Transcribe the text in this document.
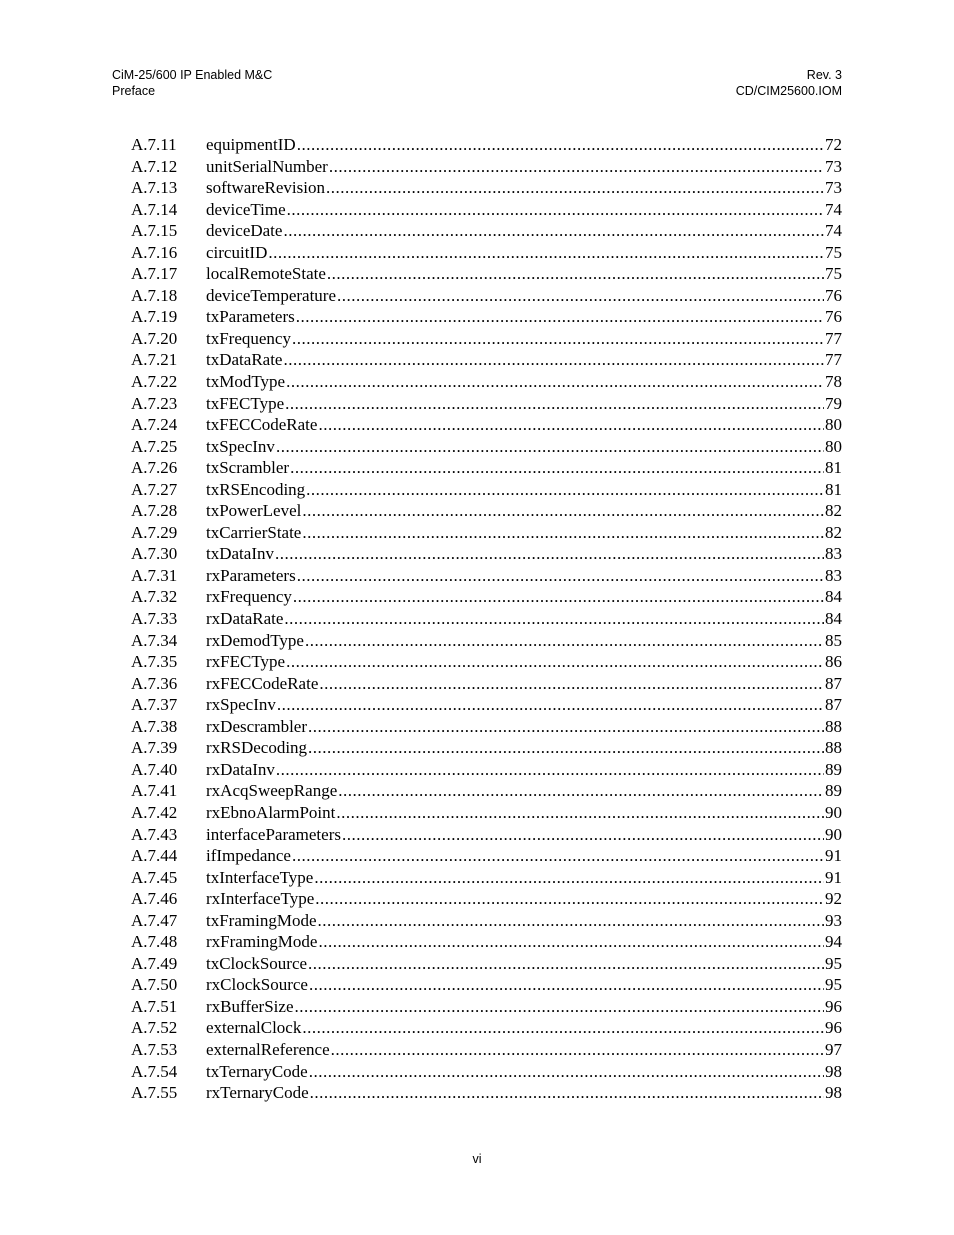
CiM-25/600 IP Enabled M&C
Preface
Rev. 3
CD/CIM25600.IOM
A.7.11	equipmentID .....	72
A.7.12	unitSerialNumber .....	73
A.7.13	softwareRevision .....	73
A.7.14	deviceTime .....	74
A.7.15	deviceDate .....	74
A.7.16	circuitID .....	75
A.7.17	localRemoteState .....	75
A.7.18	deviceTemperature .....	76
A.7.19	txParameters .....	76
A.7.20	txFrequency .....	77
A.7.21	txDataRate .....	77
A.7.22	txModType .....	78
A.7.23	txFECType .....	79
A.7.24	txFECCodeRate .....	80
A.7.25	txSpecInv .....	80
A.7.26	txScrambler .....	81
A.7.27	txRSEncoding .....	81
A.7.28	txPowerLevel .....	82
A.7.29	txCarrierState .....	82
A.7.30	txDataInv .....	83
A.7.31	rxParameters .....	83
A.7.32	rxFrequency .....	84
A.7.33	rxDataRate .....	84
A.7.34	rxDemodType .....	85
A.7.35	rxFECType .....	86
A.7.36	rxFECCodeRate .....	87
A.7.37	rxSpecInv .....	87
A.7.38	rxDescrambler .....	88
A.7.39	rxRSDecoding .....	88
A.7.40	rxDataInv .....	89
A.7.41	rxAcqSweepRange .....	89
A.7.42	rxEbnoAlarmPoint .....	90
A.7.43	interfaceParameters .....	90
A.7.44	ifImpedance .....	91
A.7.45	txInterfaceType .....	91
A.7.46	rxInterfaceType .....	92
A.7.47	txFramingMode .....	93
A.7.48	rxFramingMode .....	94
A.7.49	txClockSource .....	95
A.7.50	rxClockSource .....	95
A.7.51	rxBufferSize .....	96
A.7.52	externalClock .....	96
A.7.53	externalReference .....	97
A.7.54	txTernaryCode .....	98
A.7.55	rxTernaryCode .....	98
vi
